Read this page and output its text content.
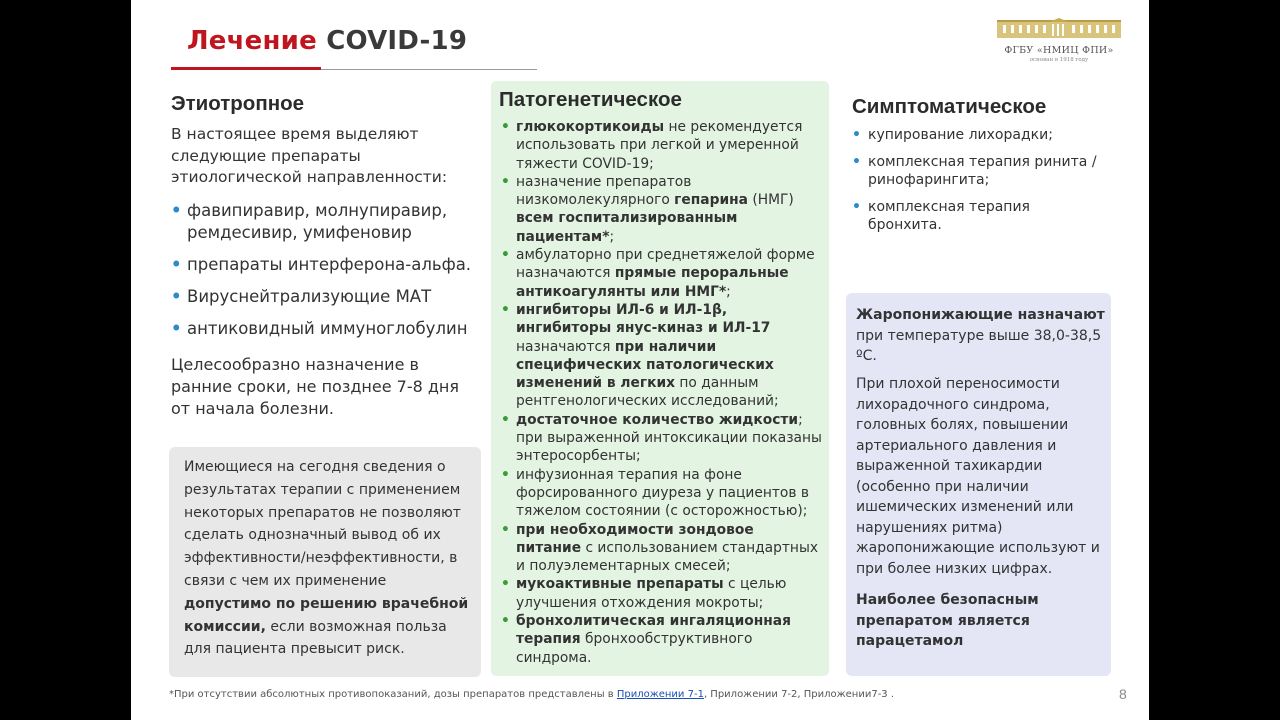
Лечение COVID-19	ФГБУ «НМИЦ ФПИ»
основан в 1918 году
Этиотропное

В настоящее время выделяют следующие препараты этиологической направленности:

• фавипиравир, молнупиравир, ремдесивир, умифеновир
• препараты интерферона-альфа.
• Вируснейтрализующие МАТ
• антиковидный иммуноглобулин

Целесообразно назначение в ранние сроки, не позднее 7-8 дня от начала болезни.

Имеющиеся на сегодня сведения о результатах терапии с применением некоторых препаратов не позволяют сделать однозначный вывод об их эффективности/неэффективности, в связи с чем их применение допустимо по решению врачебной комиссии, если возможная польза для пациента превысит риск.

Патогенетическое
• глюкокортикоиды не рекомендуется использовать при легкой и умеренной тяжести COVID-19;
• назначение препаратов низкомолекулярного гепарина (НМГ) всем госпитализированным пациентам*;
• амбулаторно при среднетяжелой форме назначаются прямые пероральные антикоагулянты или НМГ*;
• ингибиторы ИЛ-6 и ИЛ-1β, ингибиторы янус-киназ и ИЛ-17 назначаются при наличии специфических патологических изменений в легких по данным рентгенологических исследований;
• достаточное количество жидкости; при выраженной интоксикации показаны энтеросорбенты;
• инфузионная терапия на фоне форсированного диуреза у пациентов в тяжелом состоянии (с осторожностью);
• при необходимости зондовое питание с использованием стандартных и полуэлементарных смесей;
• мукоактивные препараты с целью улучшения отхождения мокроты;
• бронхолитическая ингаляционная терапия бронхообструктивного синдрома.
Симптоматическое
• купирование лихорадки;
• комплексная терапия ринита / ринофарингита;
• комплексная терапия бронхита.

Жаропонижающие назначают при температуре выше 38,0-38,5 ºС.

При плохой переносимости лихорадочного синдрома, головных болях, повышении артериального давления и выраженной тахикардии (особенно при наличии ишемических изменений или нарушениях ритма) жаропонижающие используют и при более низких цифрах.

Наиболее безопасным препаратом является парацетамол

*При отсутствии абсолютных противопоказаний, дозы препаратов представлены в Приложении 7-1, Приложении 7-2, Приложении7-3 .	8
